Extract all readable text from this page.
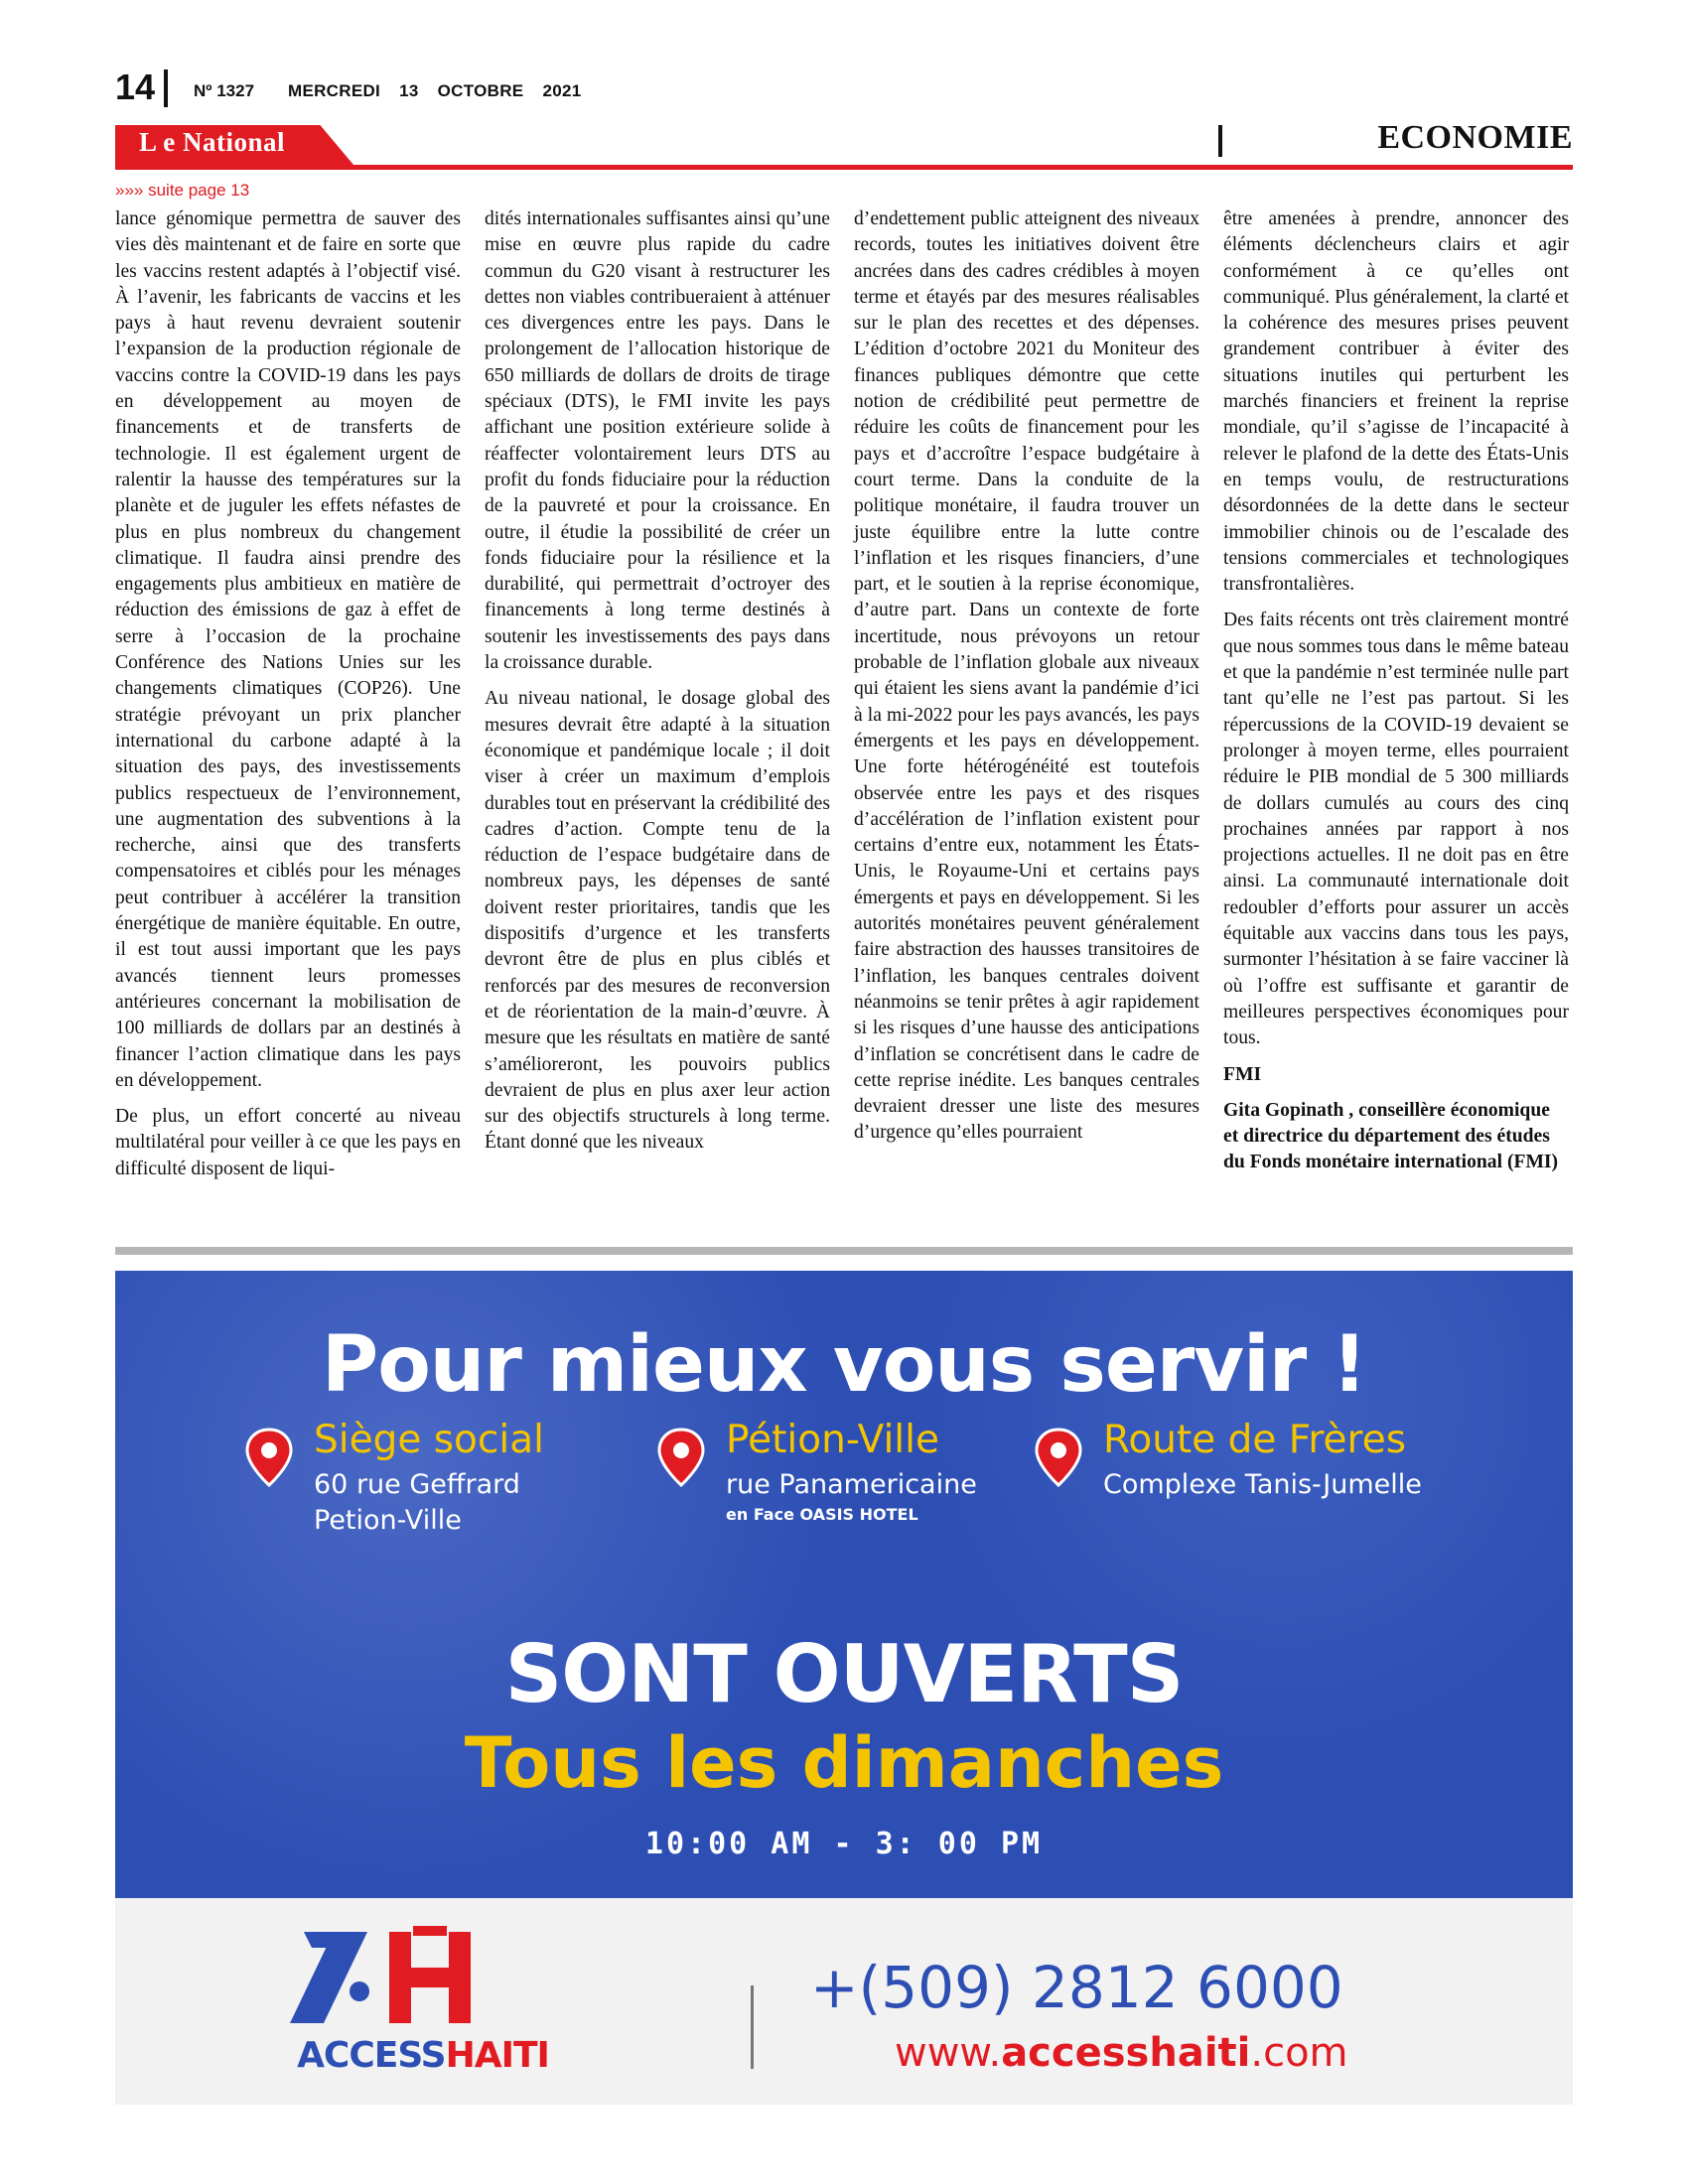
14 Nº 1327 MERCREDI 13 OCTOBRE 2021
L e National	ECONOMIE
»»» suite page 13

lance génomique permettra de sauver des vies dès maintenant et de faire en sorte que les vaccins restent adaptés à l’objectif visé. À l’avenir, les fabricants de vaccins et les pays à haut revenu devraient soutenir l’expansion de la production régionale de vaccins contre la COVID-19 dans les pays en développement au moyen de financements et de transferts de technologie. Il est également urgent de ralentir la hausse des températures sur la planète et de juguler les effets néfastes de plus en plus nombreux du changement climatique. Il faudra ainsi prendre des engagements plus ambitieux en matière de réduction des émissions de gaz à effet de serre à l’occasion de la prochaine Conférence des Nations Unies sur les changements climatiques (COP26). Une stratégie prévoyant un prix plancher international du carbone adapté à la situation des pays, des investissements publics respectueux de l’environnement, une augmentation des subventions à la recherche, ainsi que des transferts compensatoires et ciblés pour les ménages peut contribuer à accélérer la transition énergétique de manière équitable. En outre, il est tout aussi important que les pays avancés tiennent leurs promesses antérieures concernant la mobilisation de 100 milliards de dollars par an destinés à financer l’action climatique dans les pays en développement.

De plus, un effort concerté au niveau multilatéral pour veiller à ce que les pays en difficulté disposent de liqui-

dités internationales suffisantes ainsi qu’une mise en œuvre plus rapide du cadre commun du G20 visant à restructurer les dettes non viables contribueraient à atténuer ces divergences entre les pays. Dans le prolongement de l’allocation historique de 650 milliards de dollars de droits de tirage spéciaux (DTS), le FMI invite les pays affichant une position extérieure solide à réaffecter volontairement leurs DTS au profit du fonds fiduciaire pour la réduction de la pauvreté et pour la croissance. En outre, il étudie la possibilité de créer un fonds fiduciaire pour la résilience et la durabilité, qui permettrait d’octroyer des financements à long terme destinés à soutenir les investissements des pays dans la croissance durable.

Au niveau national, le dosage global des mesures devrait être adapté à la situation économique et pandémique locale ; il doit viser à créer un maximum d’emplois durables tout en préservant la crédibilité des cadres d’action. Compte tenu de la réduction de l’espace budgétaire dans de nombreux pays, les dépenses de santé doivent rester prioritaires, tandis que les dispositifs d’urgence et les transferts devront être de plus en plus ciblés et renforcés par des mesures de reconversion et de réorientation de la main-d’œuvre. À mesure que les résultats en matière de santé s’amélioreront, les pouvoirs publics devraient de plus en plus axer leur action sur des objectifs structurels à long terme. Étant donné que les niveaux

d’endettement public atteignent des niveaux records, toutes les initiatives doivent être ancrées dans des cadres crédibles à moyen terme et étayés par des mesures réalisables sur le plan des recettes et des dépenses. L’édition d’octobre 2021 du Moniteur des finances publiques démontre que cette notion de crédibilité peut permettre de réduire les coûts de financement pour les pays et d’accroître l’espace budgétaire à court terme. Dans la conduite de la politique monétaire, il faudra trouver un juste équilibre entre la lutte contre l’inflation et les risques financiers, d’une part, et le soutien à la reprise économique, d’autre part. Dans un contexte de forte incertitude, nous prévoyons un retour probable de l’inflation globale aux niveaux qui étaient les siens avant la pandémie d’ici à la mi-2022 pour les pays avancés, les pays émergents et les pays en développement. Une forte hétérogénéité est toutefois observée entre les pays et des risques d’accélération de l’inflation existent pour certains d’entre eux, notamment les États-Unis, le Royaume-Uni et certains pays émergents et pays en développement. Si les autorités monétaires peuvent généralement faire abstraction des hausses transitoires de l’inflation, les banques centrales doivent néanmoins se tenir prêtes à agir rapidement si les risques d’une hausse des anticipations d’inflation se concrétisent dans le cadre de cette reprise inédite. Les banques centrales devraient dresser une liste des mesures d’urgence qu’elles pourraient

être amenées à prendre, annoncer des éléments déclencheurs clairs et agir conformément à ce qu’elles ont communiqué. Plus généralement, la clarté et la cohérence des mesures prises peuvent grandement contribuer à éviter des situations inutiles qui perturbent les marchés financiers et freinent la reprise mondiale, qu’il s’agisse de l’incapacité à relever le plafond de la dette des États-Unis en temps voulu, de restructurations désordonnées de la dette dans le secteur immobilier chinois ou de l’escalade des tensions commerciales et technologiques transfrontalières.

Des faits récents ont très clairement montré que nous sommes tous dans le même bateau et que la pandémie n’est terminée nulle part tant qu’elle ne l’est pas partout. Si les répercussions de la COVID-19 devaient se prolonger à moyen terme, elles pourraient réduire le PIB mondial de 5 300 milliards de dollars cumulés au cours des cinq prochaines années par rapport à nos projections actuelles. Il ne doit pas en être ainsi. La communauté internationale doit redoubler d’efforts pour assurer un accès équitable aux vaccins dans tous les pays, surmonter l’hésitation à se faire vacciner là où l’offre est suffisante et garantir de meilleures perspectives économiques pour tous.

FMI

Gita Gopinath , conseillère économique et directrice du département des études du Fonds monétaire international (FMI)

Pour mieux vous servir !
Siège social
60 rue Geffrard
Petion-Ville
Pétion-Ville
rue Panamericaine
en Face OASIS HOTEL
Route de Frères
Complexe Tanis-Jumelle
SONT OUVERTS
Tous les dimanches
10:00 AM - 3: 00 PM
ACCESSHAITI
+(509) 2812 6000
www.accesshaiti.com
